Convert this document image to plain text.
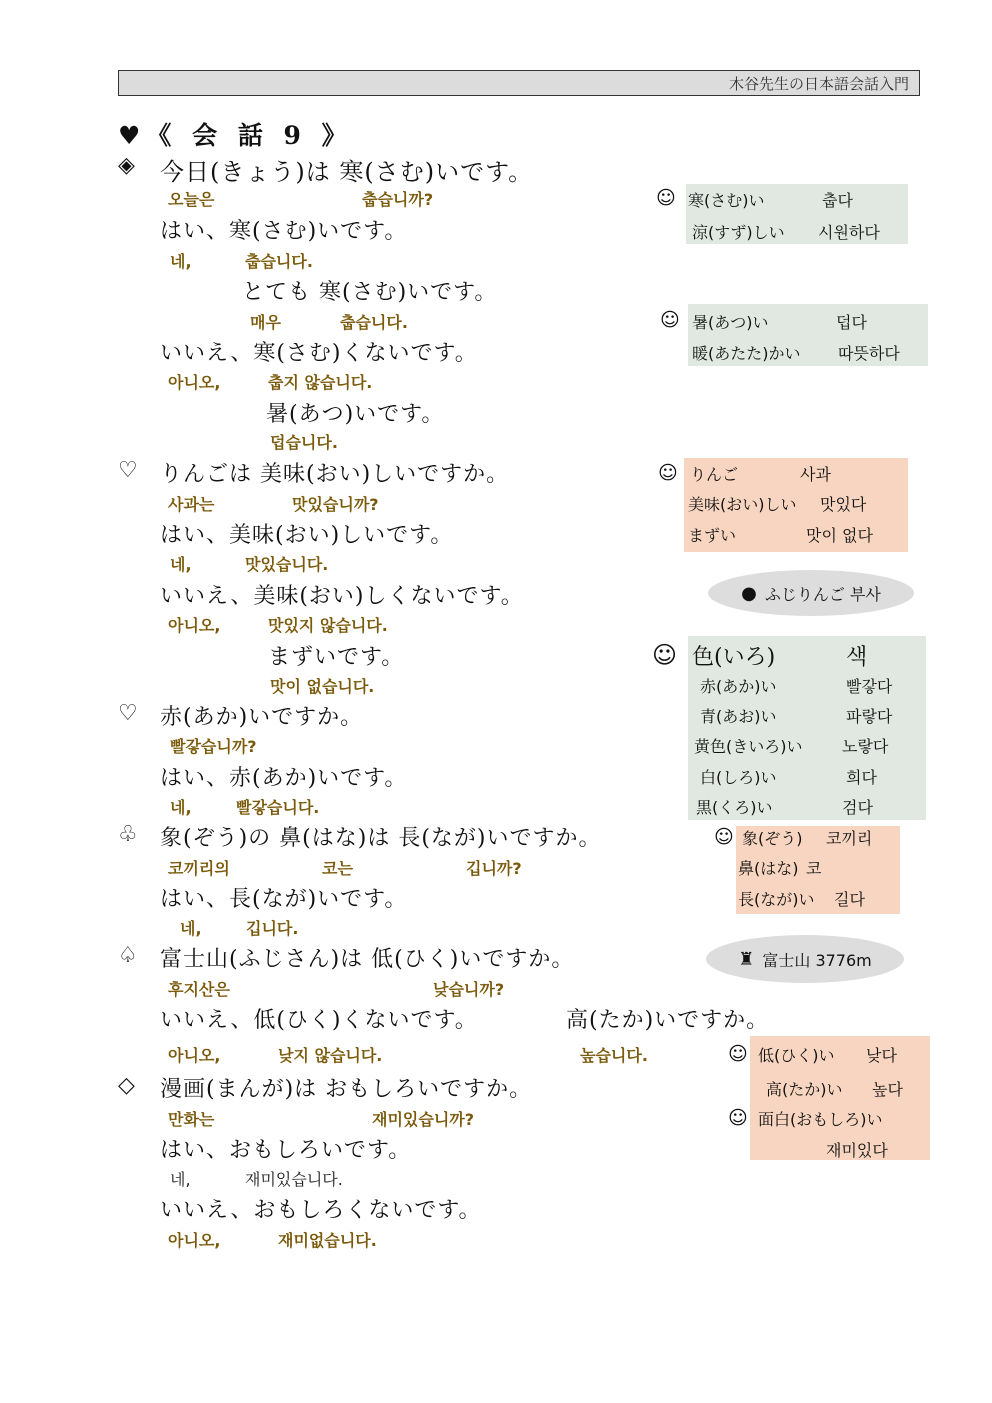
木谷先生の日本語会話入門
♥《 会 話 9 》
◈ 今日(きょう)は 寒(さむ)いです。
오늘은	춥습니까?
はい、寒(さむ)いです。
네,	춥습니다.
とても 寒(さむ)いです。
매우	춥습니다.
いいえ、寒(さむ)くないです。
아니오,	춥지 않습니다.
暑(あつ)いです。
덥습니다.
♡ りんごは 美味(おい)しいですか。
사과는	맛있습니까?
はい、美味(おい)しいです。
네,	맛있습니다.
いいえ、美味(おい)しくないです。
아니오,	맛있지 않습니다.
まずいです。
맛이 없습니다.
♡ 赤(あか)いですか。
빨갛습니까?
はい、赤(あか)いです。
네,	빨갛습니다.
♧ 象(ぞう)の 鼻(はな)は 長(なが)いですか。
코끼리의	코는	깁니까?
はい、長(なが)いです。
네,	깁니다.
♤ 富士山(ふじさん)は 低(ひく)いですか。
후지산은	낮습니까?
いいえ、低(ひく)くないです。	高(たか)いですか。
아니오,	낮지 않습니다.	높습니다.
◇ 漫画(まんが)は おもしろいですか。
만화는	재미있습니까?
はい、おもしろいです。
네,	재미있습니다.
いいえ、おもしろくないです。
아니오,	재미없습니다.
☺ 寒(さむ)い	춥다
涼(すず)しい 시원하다
☺ 暑(あつ)い	덥다
暖(あたた)かい 따뜻하다
☺ りんご	사과
美味(おい)しい 맛있다
まずい	맛이 없다
● ふじりんご 부사
☺ 色(いろ)	색
赤(あか)い	빨갛다
青(あお)い	파랗다
黄色(きいろ)い 노랗다
白(しろ)い	희다
黒(くろ)い	검다
☺ 象(ぞう) 코끼리
鼻(はな) 코
長(なが)い 길다
♜ 富士山 3776m
☺ 低(ひく)い 낮다
高(たか)い 높다
☺ 面白(おもしろ)い
재미있다
